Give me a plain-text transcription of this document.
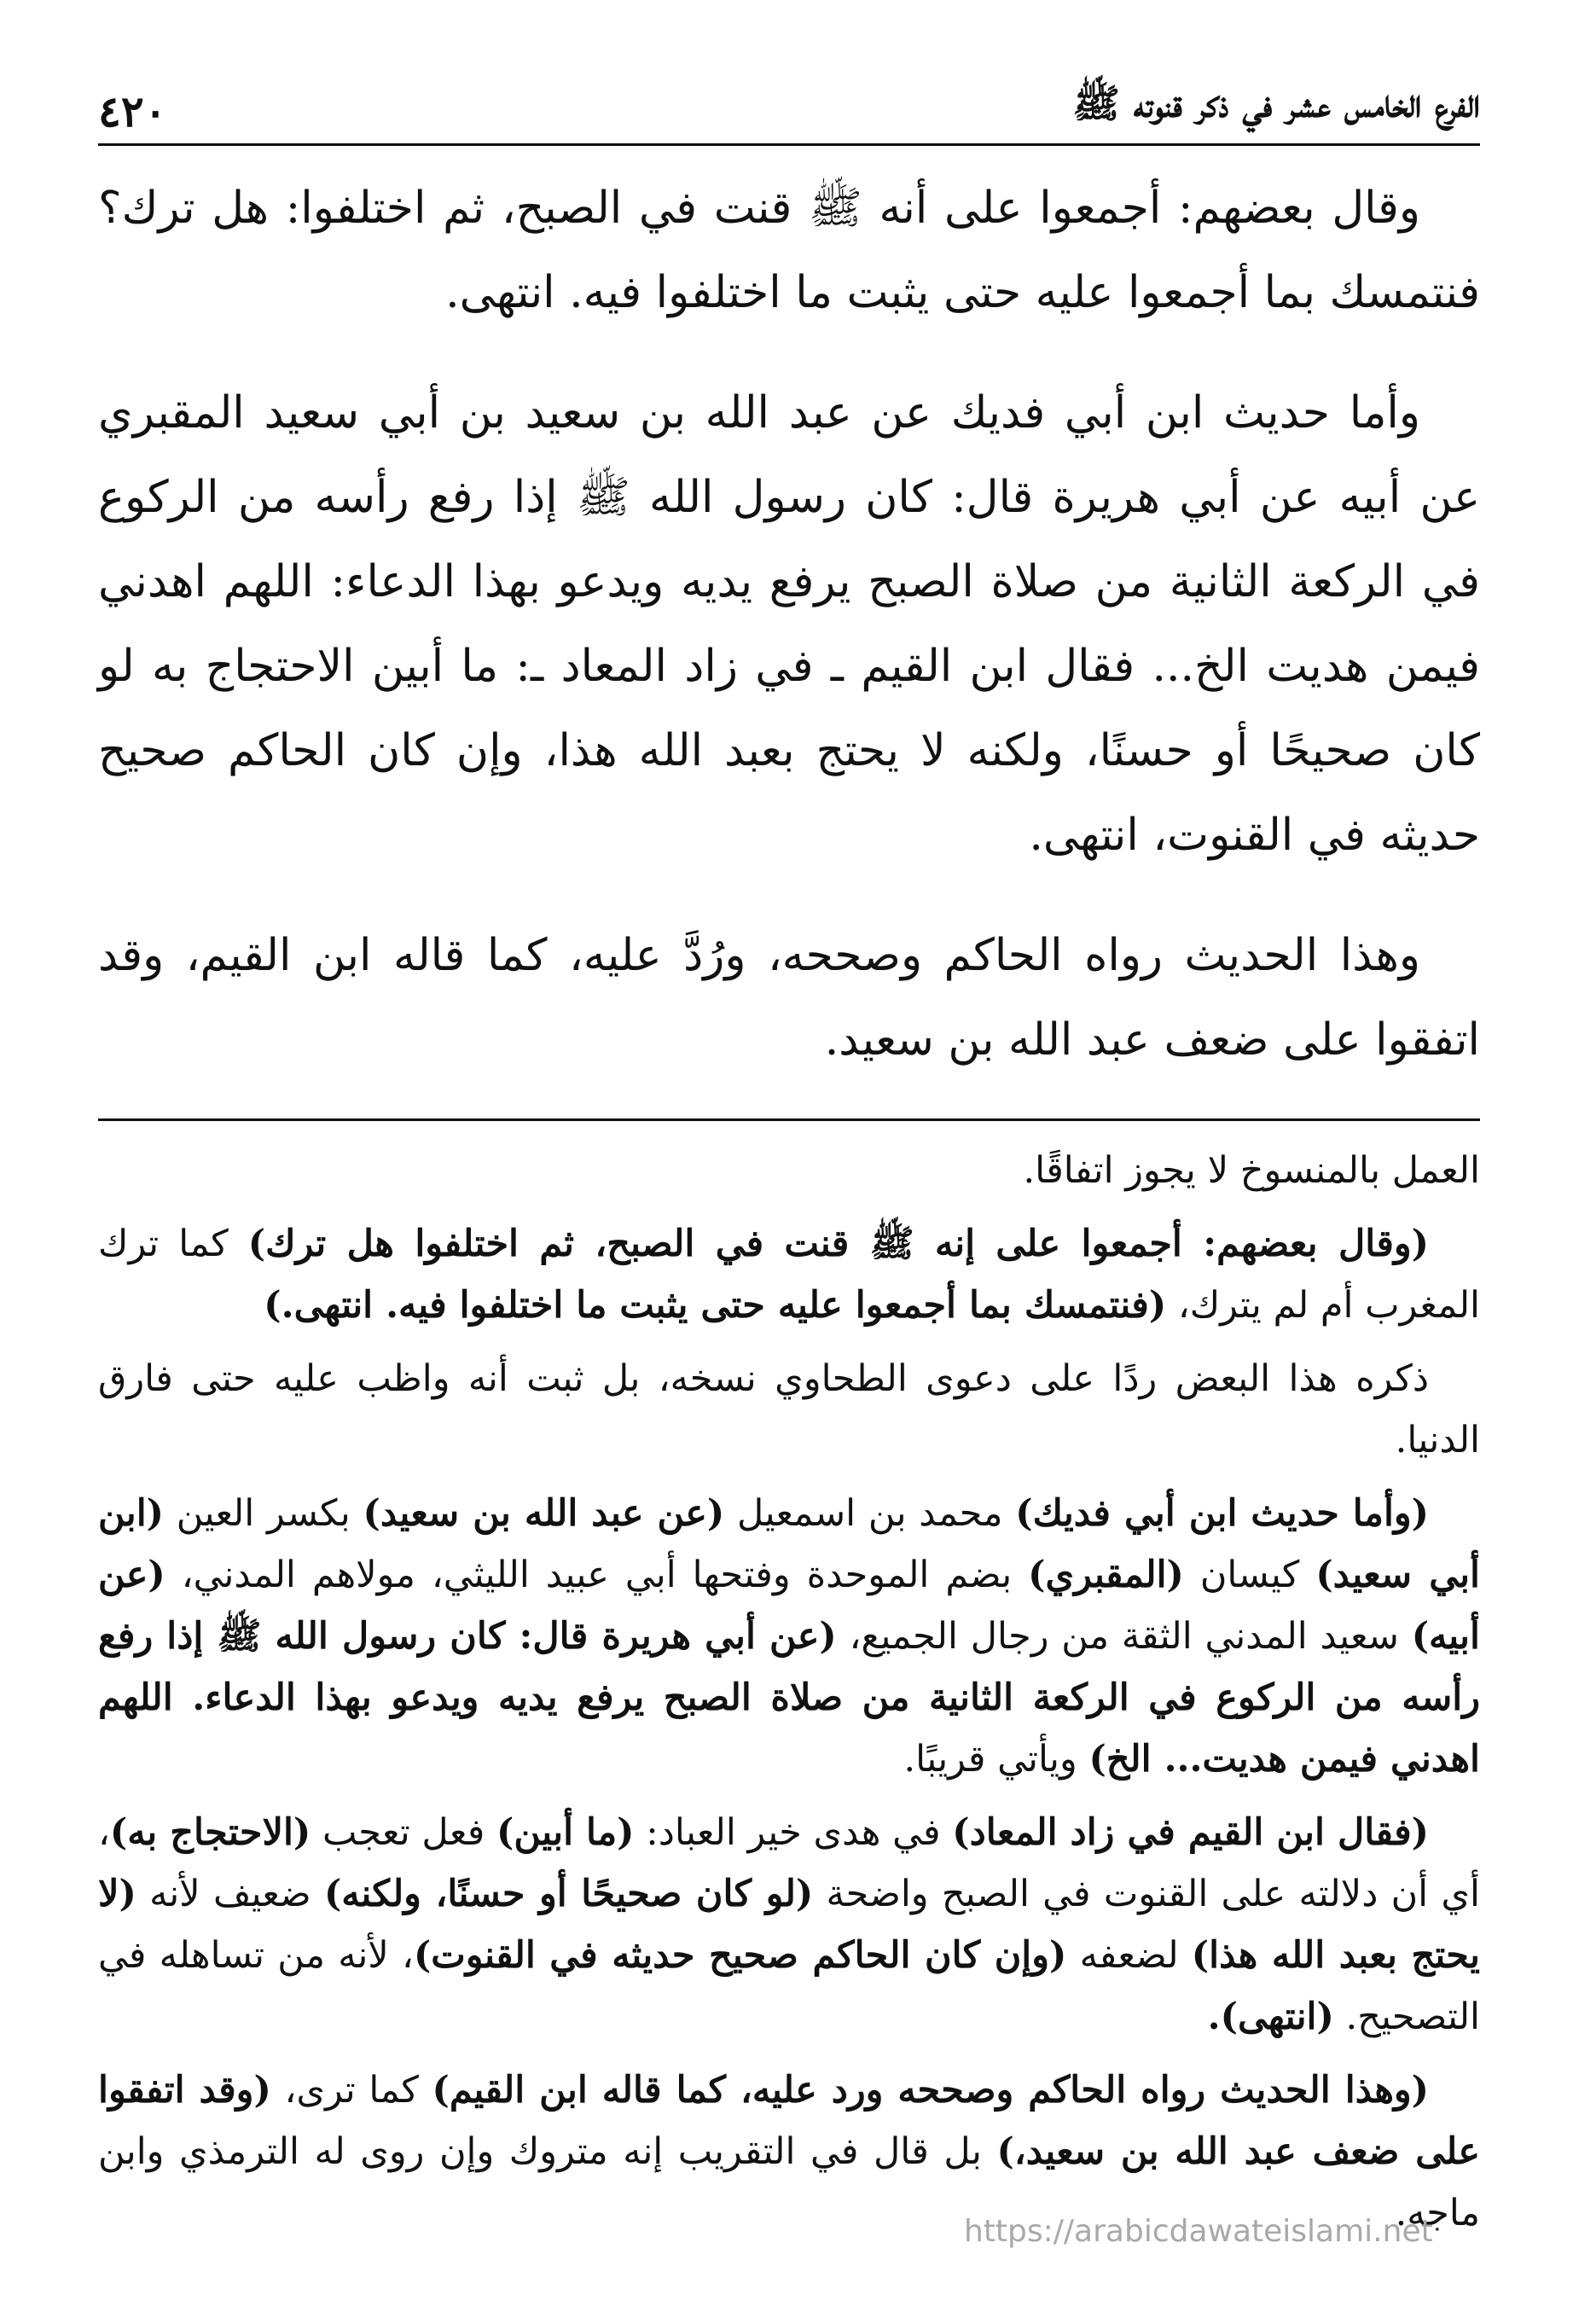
الفرع الخامس عشر في ذكر قنوته ﷺ
٤٢٠

وقال بعضهم: أجمعوا على أنه ﷺ قنت في الصبح، ثم اختلفوا: هل ترك؟ فنتمسك بما أجمعوا عليه حتى يثبت ما اختلفوا فيه. انتهى.

وأما حديث ابن أبي فديك عن عبد الله بن سعيد بن أبي سعيد المقبري عن أبيه عن أبي هريرة قال: كان رسول الله ﷺ إذا رفع رأسه من الركوع في الركعة الثانية من صلاة الصبح يرفع يديه ويدعو بهذا الدعاء: اللهم اهدني فيمن هديت الخ... فقال ابن القيم ـ في زاد المعاد ـ: ما أبين الاحتجاج به لو كان صحيحًا أو حسنًا، ولكنه لا يحتج بعبد الله هذا، وإن كان الحاكم صحيح حديثه في القنوت، انتهى.

وهذا الحديث رواه الحاكم وصححه، ورُدَّ عليه، كما قاله ابن القيم، وقد اتفقوا على ضعف عبد الله بن سعيد.

العمل بالمنسوخ لا يجوز اتفاقًا.

(وقال بعضهم: أجمعوا على إنه ﷺ قنت في الصبح، ثم اختلفوا هل ترك) كما ترك المغرب أم لم يترك، (فنتمسك بما أجمعوا عليه حتى يثبت ما اختلفوا فيه. انتهى.)

ذكره هذا البعض ردًا على دعوى الطحاوي نسخه، بل ثبت أنه واظب عليه حتى فارق الدنيا.

(وأما حديث ابن أبي فديك) محمد بن اسمعيل (عن عبد الله بن سعيد) بكسر العين (ابن أبي سعيد) كيسان (المقبري) بضم الموحدة وفتحها أبي عبيد الليثي، مولاهم المدني، (عن أبيه) سعيد المدني الثقة من رجال الجميع، (عن أبي هريرة قال: كان رسول الله ﷺ إذا رفع رأسه من الركوع في الركعة الثانية من صلاة الصبح يرفع يديه ويدعو بهذا الدعاء. اللهم اهدني فيمن هديت... الخ) ويأتي قريبًا.

(فقال ابن القيم في زاد المعاد) في هدى خير العباد: (ما أبين) فعل تعجب (الاحتجاج به)، أي أن دلالته على القنوت في الصبح واضحة (لو كان صحيحًا أو حسنًا، ولكنه) ضعيف لأنه (لا يحتج بعبد الله هذا) لضعفه (وإن كان الحاكم صحيح حديثه في القنوت)، لأنه من تساهله في التصحيح. (انتهى).

(وهذا الحديث رواه الحاكم وصححه ورد عليه، كما قاله ابن القيم) كما ترى، (وقد اتفقوا على ضعف عبد الله بن سعيد،) بل قال في التقريب إنه متروك وإن روى له الترمذي وابن ماجه.

https://arabicdawateislami.net
